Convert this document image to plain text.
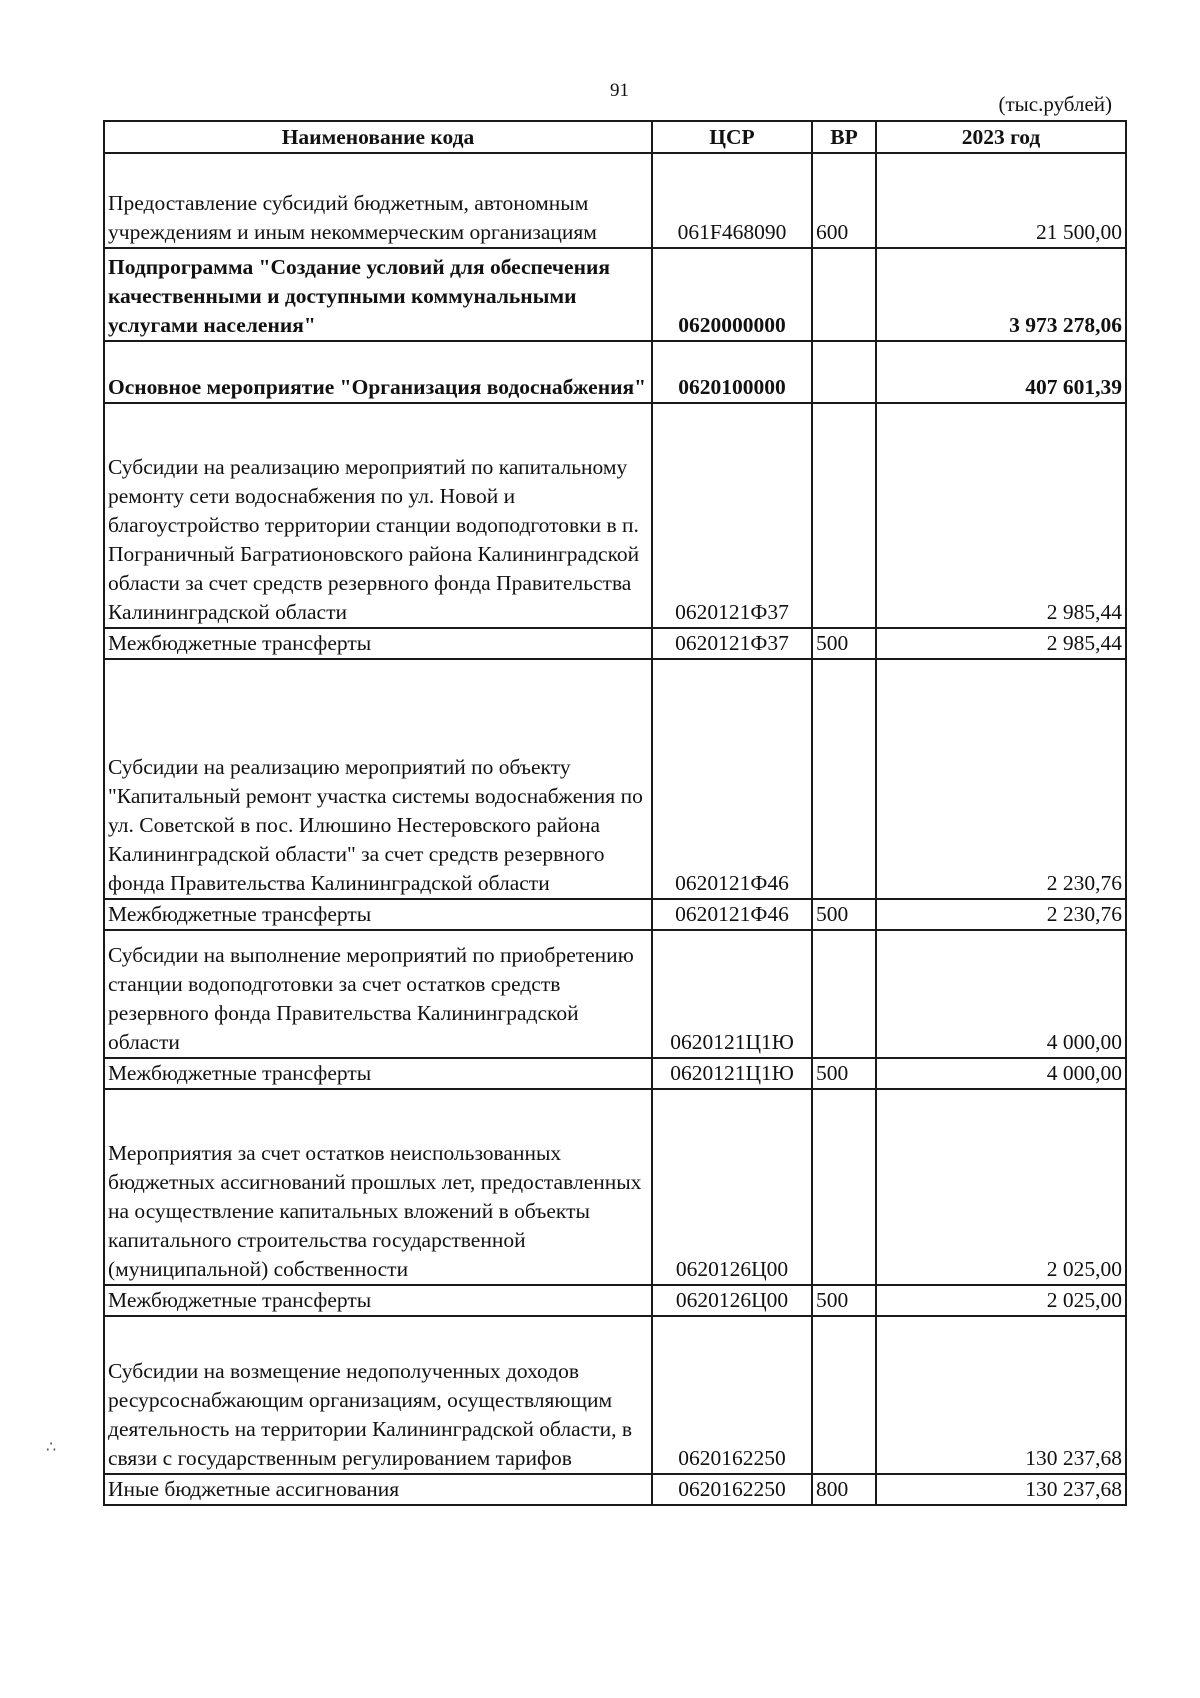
91
(тыс.рублей)
∴
Наименование кода	ЦСР	ВР	2023 год
Предоставление субсидий бюджетным, автономным учреждениям и иным некоммерческим организациям	061F468090	600	21 500,00
Подпрограмма "Создание условий для обеспечения качественными и доступными коммунальными услугами населения"	0620000000		3 973 278,06
Основное мероприятие "Организация водоснабжения"	0620100000		407 601,39
Субсидии на реализацию мероприятий по капитальному ремонту сети водоснабжения по ул. Новой и благоустройство территории станции водоподготовки в п. Пограничный Багратионовского района Калининградской области за счет средств резервного фонда Правительства Калининградской области	0620121Ф37		2 985,44
Межбюджетные трансферты	0620121Ф37	500	2 985,44
Субсидии на реализацию мероприятий по объекту "Капитальный ремонт участка системы водоснабжения по ул. Советской в пос. Илюшино Нестеровского района Калининградской области" за счет средств резервного фонда Правительства Калининградской области	0620121Ф46		2 230,76
Межбюджетные трансферты	0620121Ф46	500	2 230,76
Субсидии на выполнение мероприятий по приобретению станции водоподготовки за счет остатков средств резервного фонда Правительства Калининградской области	0620121Ц1Ю		4 000,00
Межбюджетные трансферты	0620121Ц1Ю	500	4 000,00
Мероприятия за счет остатков неиспользованных бюджетных ассигнований прошлых лет, предоставленных на осуществление капитальных вложений в объекты капитального строительства государственной (муниципальной) собственности	0620126Ц00		2 025,00
Межбюджетные трансферты	0620126Ц00	500	2 025,00
Субсидии на возмещение недополученных доходов ресурсоснабжающим организациям, осуществляющим деятельность на территории Калининградской области, в связи с государственным регулированием тарифов	0620162250		130 237,68
Иные бюджетные ассигнования	0620162250	800	130 237,68
